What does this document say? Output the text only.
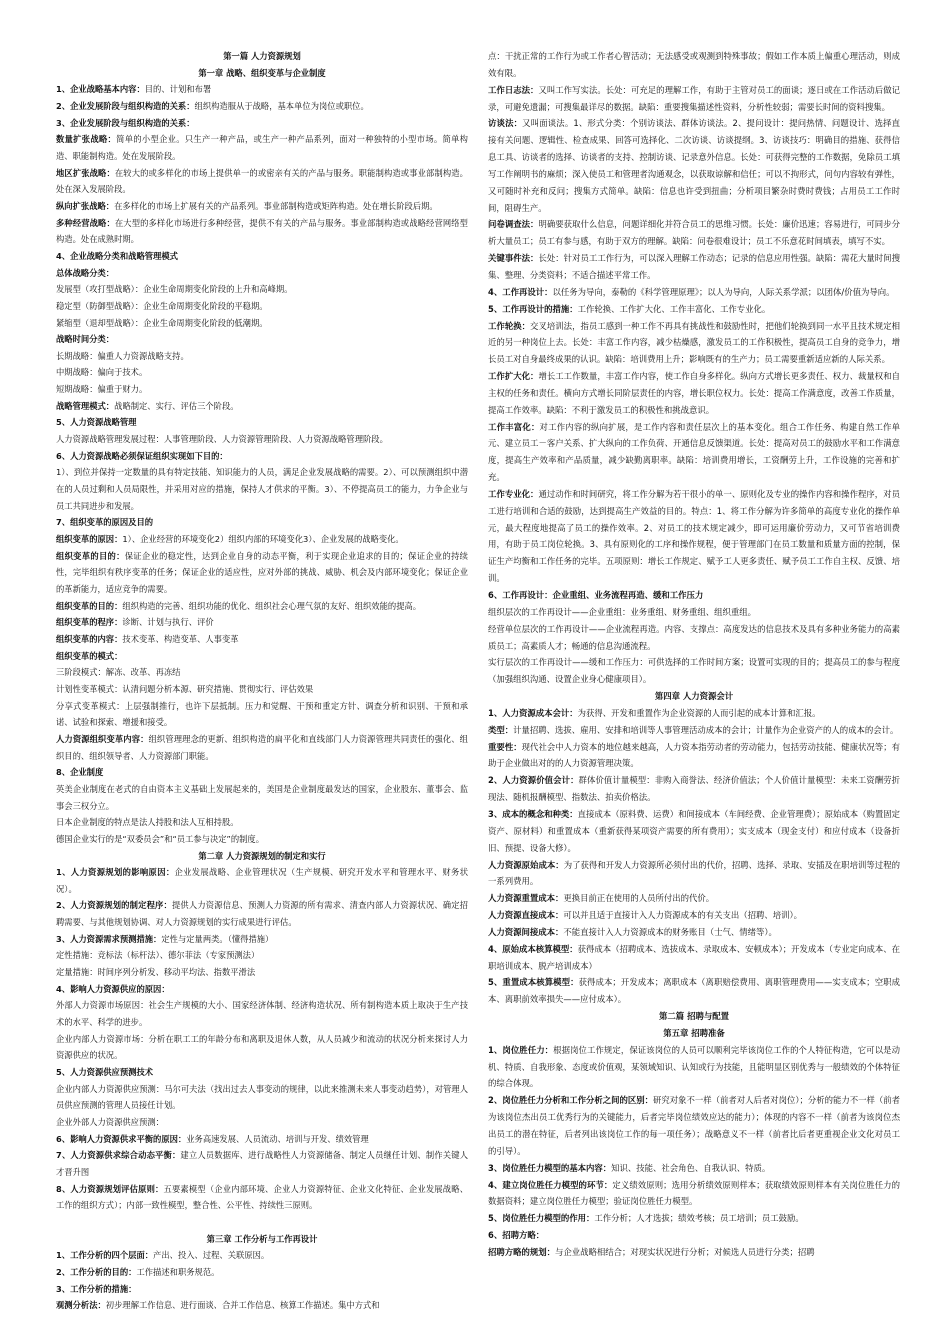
第一篇 人力资源规划

第一章 战略、组织变革与企业制度

1、企业战略基本内容：目的、计划和布署

2、企业发展阶段与组织构造的关系：组织构造服从于战略，基本单位为岗位或职位。

3、企业发展阶段与组织构造的关系：

数量扩张战略：简单的小型企业。只生产一种产品，或生产一种产品系列，面对一种独特的小型市场。简单构造、职能制构造。处在发展阶段。

地区扩张战略：在较大的或多样化的市场上提供单一的或密亲有关的产品与服务。职能制构造或事业部制构造。处在深入发展阶段。

纵向扩张战略：在多样化的市场上扩展有关的产品系列。事业部制构造或矩阵构造。处在增长阶段后期。

多种经营战略：在大型的多样化市场进行多种经营，提供不有关的产品与服务。事业部制构造或战略经营网络型构造。处在成熟时期。

4、企业战略分类和战略管理模式

总体战略分类：

发展型（攻打型战略）：企业生命周期变化阶段的上升和高峰期。

稳定型（防御型战略）：企业生命周期变化阶段的平稳期。

紧缩型（退却型战略）：企业生命周期变化阶段的低潮期。

战略时间分类：

长期战略：偏重人力资源战略支持。

中期战略：偏向于技术。

短期战略：偏重于财力。

战略管理模式：战略制定、实行、评估三个阶段。

5、人力资源战略管理

人力资源战略管理发展过程：人事管理阶段、人力资源管理阶段、人力资源战略管理阶段。

6、人力资源战略必须保证组织实现如下目的：

1）、到位并保持一定数量的具有特定技能、知识能力的人员，满足企业发展战略的需要。2）、可以预测组织中潜在的人员过剩和人员局限性，并采用对应的措施，保持人才供求的平衡。3）、不停提高员工的能力，力争企业与员工共同进步和发展。

7、组织变革的原因及目的

组织变革的原因：1）、企业经营的环境变化2）组织内部的环境变化3）、企业发展的战略变化。

组织变革的目的：保证企业的稳定性，达到企业自身的动态平衡，利于实现企业追求的目的；保证企业的持续性，完毕组织有秩序变革的任务；保证企业的适应性，应对外部的挑战、威胁、机会及内部环境变化；保证企业的革新能力，适应竞争的需要。

组织变革的目的：组织构造的完善、组织功能的优化、组织社会心理气氛的友好、组织效能的提高。

组织变革的程序：诊断、计划与执行、评价

组织变革的内容：技术变革、构造变革、人事变革

组织变革的模式：

三阶段模式：解冻、改革、再冻结

计划性变革模式：认清问题分析本源、研究措施、贯彻实行、评估效果

分享式变革模式：上层强制推行，也许下层抵制。压力和觉醒、干预和重定方针、调查分析和识别、干预和承诺、试验和探索、增援和接受。

人力资源组织变革内容：组织管理理念的更新、组织构造的扁平化和直线部门人力资源管理共同责任的强化、组织目的、组织领导者、人力资源部门职能。

8、企业制度

英美企业制度在老式的自由资本主义基础上发展起来的，美国是企业制度最发达的国家，企业股东、董事会、监事会三权分立。

日本企业制度的特点是法人持股和法人互相持股。

德国企业实行的是“双委员会”和“员工参与决定”的制度。

第二章 人力资源规划的制定和实行

1、人力资源规划的影响原因：企业发展战略、企业管理状况（生产规模、研究开发水平和管理水平、财务状况）。

2、人力资源规划的制定程序：提供人力资源信息、预测人力资源的所有需求、清查内部人力资源状况、确定招聘需要、与其他规划协调、对人力资源规划的实行成果进行评估。

3、人力资源需求预测措施：定性与定量两类。（懂得措施）

定性措施：竞标法（标杆法）、德尔菲法（专家预测法）

定量措施：时间序列分析发、移动平均法、指数平滑法

4、影响人力资源供应的原因：

外部人力资源市场原因：社会生产规模的大小、国家经济体制、经济构造状况、所有制构造本质上取决于生产技术的水平、科学的进步。

企业内部人力资源市场：分析在职工工的年龄分布和离职及退休人数，从人员减少和流动的状况分析来探讨人力资源供应的状况。

5、人力资源供应预测技术

企业内部人力资源供应预测：马尔可夫法（找出过去人事变动的规律，以此来推测未来人事变动趋势），对管理人员供应预测的管理人员接任计划。

企业外部人力资源供应预测：

6、影响人力资源供求平衡的原因：业务高速发展、人员流动、培训与开发、绩效管理

7、人力资源供求综合动态平衡：建立人员数据库、进行战略性人力资源储备、制定人员继任计划、制作关键人才晋升图

8、人力资源规划评估原则：五要素模型（企业内部环境、企业人力资源特征、企业文化特征、企业发展战略、工作的组织方式）；内部一致性模型，整合性、公平性、持续性三原则。

第三章 工作分析与工作再设计

1、工作分析的四个层面：产出、投入、过程、关联原因。

2、工作分析的目的：工作描述和职务规范。

3、工作分析的措施：

观测分析法：初步理解工作信息、进行面谈、合并工作信息、核算工作描述。集中方式和

点：干扰正常的工作行为或工作者心智活动；无法感受或观测到特殊事故；假如工作本质上偏重心理活动，则成效有限。

工作日志法：又叫工作写实法。长处：可充足的理解工作，有助于主管对员工的面谈；逐日或在工作活动后做记录，可避免遗漏；可搜集最详尽的数据。缺陷：重要搜集描述性资料，分析性较弱；需要长时间的资料搜集。

访谈法：又叫面谈法。1、形式分类：个别访谈法、群体访谈法。2、提问设计：提问热情、问题设计、选择直接有关问题、逻辑性、检查成果、回答可选择化、二次访谈、访谈提纲。3、访谈技巧：明确目的措施、获得信息工具、访谈者的选择、访谈者的支持、控制访谈、记录意外信息。长处：可获得完整的工作数据，免除员工填写工作阐明书的麻烦；深入使员工和管理者沟通观念，以获取谅解和信任；可以不拘形式，问句内容较有弹性，又可随时补充和反问；搜集方式简单。缺陷：信息也许受到扭曲；分析项目繁杂时费时费钱；占用员工工作时间，阻碍生产。

问卷调查法：明确要获取什么信息，问题详细化并符合员工的思维习惯。长处：廉价迅速；容易进行，可同步分析大量员工；员工有参与感，有助于双方的理解。缺陷：问卷很难设计；员工不乐意花时间填表，填写不实。

关键事件法：长处：针对员工工作行为，可以深入理解工作动态；记录的信息应用性强。缺陷：需花大量时间搜集、整理、分类资料；不适合描述平常工作。

4、工作再设计：以任务为导向，泰勒的《科学管理原理》；以人为导向，人际关系学派；以团体/价值为导向。

5、工作再设计的措施：工作轮换、工作扩大化、工作丰富化、工作专业化。

工作轮换：交叉培训法，指员工感到一种工作不再具有挑战性和鼓励性时，把他们轮换到同一水平且技术规定相近的另一种岗位上去。长处：丰富工作内容，减少枯燥感，激发员工的工作积极性，提高员工自身的竞争力，增长员工对自身最终成果的认识。缺陷：培训费用上升；影响既有的生产力；员工需要重新适应新的人际关系。

工作扩大化：增长工工作数量，丰富工作内容，使工作自身多样化。纵向方式增长更多责任、权力、裁量权和自主权的任务和责任。横向方式增长同阶层责任的内容，增长职位权力。长处：提高工作满意度，改善工作质量，提高工作效率。缺陷：不利于激发员工的积极性和挑战意识。

工作丰富化：对工作内容的纵向扩展，是工作内容和责任层次上的基本变化。组合工作任务、构建自然工作单元、建立员工－客户关系、扩大纵向的工作负荷、开通信息反馈渠道。长处：提高对员工的鼓励水平和工作满意度，提高生产效率和产品质量，减少缺勤离职率。缺陷：培训费用增长，工资酬劳上升，工作设施的完善和扩充。

工作专业化：通过动作和时间研究，将工作分解为若干很小的单一、原则化及专业的操作内容和操作程序，对员工进行培训和合适的鼓励，达到提高生产效益的目的。特点：1、将工作分解为许多简单的高度专业化的操作单元，最大程度地提高了员工的操作效率。2、对员工的技术规定减少，即可运用廉价劳动力，又可节省培训费用，有助于员工岗位轮换。3、具有原则化的工序和操作规程，便于管理部门在员工数量和质量方面的控制，保证生产均衡和工作任务的完毕。五项原则：增长工作规定、赋予工人更多责任、赋予员工工作自主权、反馈、培训。

6、工作再设计：企业重组、业务流程再造、缓和工作压力

组织层次的工作再设计——企业重组：业务重组、财务重组、组织重组。

经营单位层次的工作再设计——企业流程再造。内容、支撑点：高度发达的信息技术及具有多种业务能力的高素质员工；高素质人才；畅通的信息沟通流程。

实行层次的工作再设计——缓和工作压力：可供选择的工作时间方案；设置可实现的目的；提高员工的参与程度（加强组织沟通、设置企业身心健康项目）。

第四章 人力资源会计

1、人力资源成本会计：为获得、开发和重置作为企业资源的人而引起的成本计算和汇报。

类型：计量招聘、选拔、雇用、安排和培训等人事管理活动成本的会计；计量作为企业资产的人的成本的会计。

重要性：现代社会中人力资本的地位越来越高，人力资本指劳动者的劳动能力，包括劳动技能、健康状况等；有助于企业做出对的的人力资源管理决策。

2、人力资源价值会计：群体价值计量模型：非购入商誉法、经济价值法；个人价值计量模型：未来工资酬劳折现法、随机报酬模型、指数法、拍卖价格法。

3、成本的概念和种类：直接成本（原料费、运费）和间接成本（车间经费、企业管理费）；原始成本（购置固定资产、原材料）和重置成本（重新获得某项资产需要的所有费用）；实支成本（现金支付）和应付成本（设备折旧、预提、设备大修）。

人力资源原始成本：为了获得和开发人力资源所必须付出的代价，招聘、选择、录取、安插及在职培训等过程的一系列费用。

人力资源重置成本：更换目前正在使用的人员所付出的代价。

人力资源直接成本：可以并且适于直接计入人力资源成本的有关支出（招聘、培训）。

人力资源间接成本：不能直接计入人力资源成本的财务账目（士气、情绪等）。

4、原始成本核算模型：获得成本（招聘成本、选拔成本、录取成本、安顿成本）；开发成本（专业定向成本、在职培训成本、脱产培训成本）

5、重置成本核算模型：获得成本；开发成本；离职成本（离职赔偿费用、离职管理费用——实支成本；空职成本、离职前效率损失——应付成本）。

第二篇 招聘与配置

第五章 招聘准备

1、岗位胜任力：根据岗位工作规定，保证该岗位的人员可以顺利完毕该岗位工作的个人特征构造，它可以是动机、特质、自我形象、态度或价值观，某领域知识、认知或行为技能，且能明显区别优秀与一般绩效的个体特征的综合体现。

2、岗位胜任力分析和工作分析之间的区别：研究对象不一样（前者对人后者对岗位）；分析的能力不一样（前者为该岗位杰出员工优秀行为的关键能力，后者完毕岗位绩效应达的能力）；体现的内容不一样（前者为该岗位杰出员工的潜在特征，后者列出该岗位工作的每一项任务）；战略意义不一样（前者比后者更重视企业文化对员工的引导）。

3、岗位胜任力模型的基本内容：知识、技能、社会角色、自我认识、特质。

4、建立岗位胜任力模型的环节：定义绩效原则；选用分析绩效原则样本；获取绩效原则样本有关岗位胜任力的数据资料；建立岗位胜任力模型；验证岗位胜任力模型。

5、岗位胜任力模型的作用：工作分析；人才选拔；绩效考核；员工培训；员工鼓励。

6、招聘方略：

招聘方略的规划：与企业战略相结合；对现实状况进行分析；对候选人员进行分类；招聘
